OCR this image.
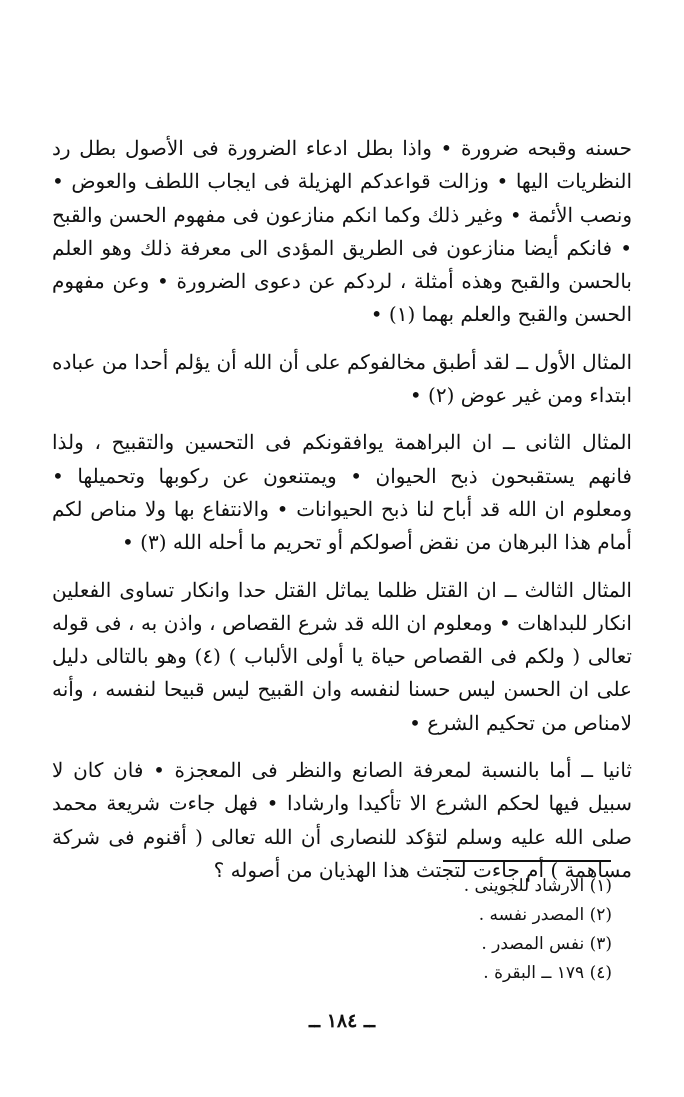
حسنه وقبحه ضرورة • واذا بطل ادعاء الضرورة فى الأصول بطل رد النظريات اليها • وزالت قواعدكم الهزيلة فى ايجاب اللطف والعوض • ونصب الأئمة • وغير ذلك وكما انكم منازعون فى مفهوم الحسن والقبح • فانكم أيضا منازعون فى الطريق المؤدى الى معرفة ذلك وهو العلم بالحسن والقبح وهذه أمثلة ، لردكم عن دعوى الضرورة • وعن مفهوم الحسن والقبح والعلم بهما (١) •

المثال الأول ــ لقد أطبق مخالفوكم على أن الله أن يؤلم أحدا من عباده ابتداء ومن غير عوض (٢) •

المثال الثانى ــ ان البراهمة يوافقونكم فى التحسين والتقبيح ، ولذا فانهم يستقبحون ذبح الحيوان • ويمتنعون عن ركوبها وتحميلها • ومعلوم ان الله قد أباح لنا ذبح الحيوانات • والانتفاع بها ولا مناص لكم أمام هذا البرهان من نقض أصولكم أو تحريم ما أحله الله (٣) •

المثال الثالث ــ ان القتل ظلما يماثل القتل حدا وانكار تساوى الفعلين انكار للبداهات • ومعلوم ان الله قد شرع القصاص ، واذن به ، فى قوله تعالى ( ولكم فى القصاص حياة يا أولى الألباب ) (٤) وهو بالتالى دليل على ان الحسن ليس حسنا لنفسه وان القبيح ليس قبيحا لنفسه ، وأنه لامناص من تحكيم الشرع •

ثانيا ــ أما بالنسبة لمعرفة الصانع والنظر فى المعجزة • فان كان لا سبيل فيها لحكم الشرع الا تأكيدا وارشادا • فهل جاءت شريعة محمد صلى الله عليه وسلم لتؤكد للنصارى أن الله تعالى ( أقنوم فى شركة مساهمة ) أم جاءت لتجتث هذا الهذيان من أصوله ؟

(١) الارشاد للجوينى .

(٢) المصدر نفسه .

(٣) نفس المصدر .

(٤) ١٧٩ ــ البقرة .

ــ ١٨٤ ــ
